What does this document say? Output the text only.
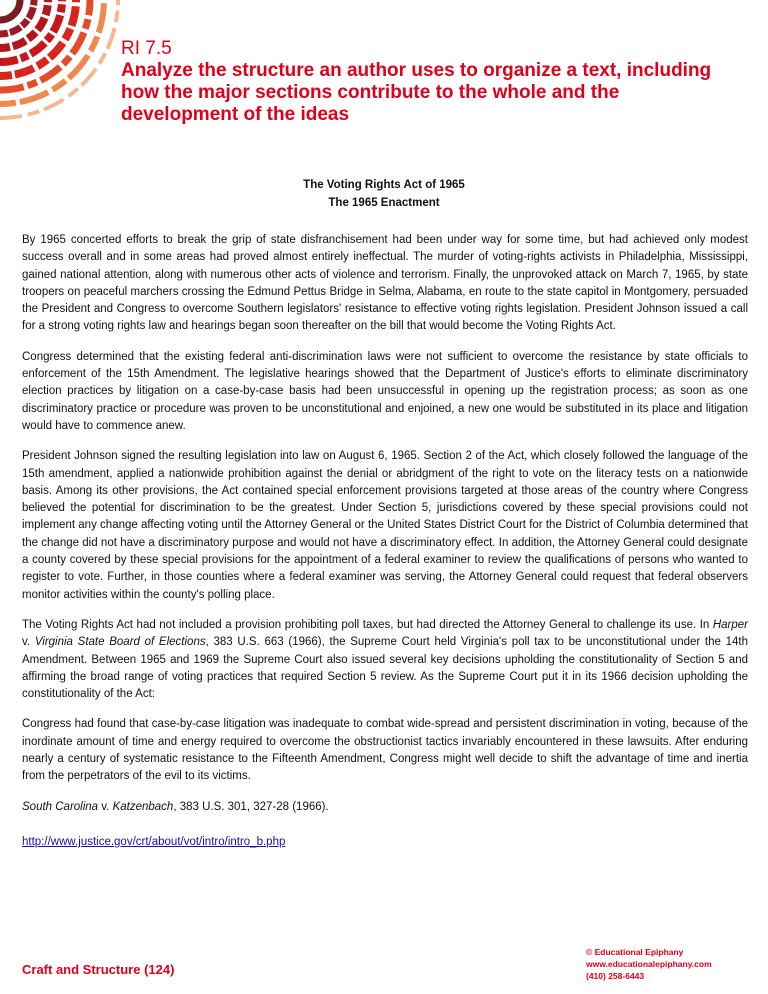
RI 7.5
Analyze the structure an author uses to organize a text, including how the major sections contribute to the whole and the development of the ideas
The Voting Rights Act of 1965
The 1965 Enactment

By 1965 concerted efforts to break the grip of state disfranchisement had been under way for some time, but had achieved only modest success overall and in some areas had proved almost entirely ineffectual. The murder of voting-rights activists in Philadelphia, Mississippi, gained national attention, along with numerous other acts of violence and terrorism. Finally, the unprovoked attack on March 7, 1965, by state troopers on peaceful marchers crossing the Edmund Pettus Bridge in Selma, Alabama, en route to the state capitol in Montgomery, persuaded the President and Congress to overcome Southern legislators' resistance to effective voting rights legislation. President Johnson issued a call for a strong voting rights law and hearings began soon thereafter on the bill that would become the Voting Rights Act.

Congress determined that the existing federal anti-discrimination laws were not sufficient to overcome the resistance by state officials to enforcement of the 15th Amendment. The legislative hearings showed that the Department of Justice's efforts to eliminate discriminatory election practices by litigation on a case-by-case basis had been unsuccessful in opening up the registration process; as soon as one discriminatory practice or procedure was proven to be unconstitutional and enjoined, a new one would be substituted in its place and litigation would have to commence anew.

President Johnson signed the resulting legislation into law on August 6, 1965. Section 2 of the Act, which closely followed the language of the 15th amendment, applied a nationwide prohibition against the denial or abridgment of the right to vote on the literacy tests on a nationwide basis. Among its other provisions, the Act contained special enforcement provisions targeted at those areas of the country where Congress believed the potential for discrimination to be the greatest. Under Section 5, jurisdictions covered by these special provisions could not implement any change affecting voting until the Attorney General or the United States District Court for the District of Columbia determined that the change did not have a discriminatory purpose and would not have a discriminatory effect. In addition, the Attorney General could designate a county covered by these special provisions for the appointment of a federal examiner to review the qualifications of persons who wanted to register to vote. Further, in those counties where a federal examiner was serving, the Attorney General could request that federal observers monitor activities within the county's polling place.

The Voting Rights Act had not included a provision prohibiting poll taxes, but had directed the Attorney General to challenge its use. In Harper v. Virginia State Board of Elections, 383 U.S. 663 (1966), the Supreme Court held Virginia's poll tax to be unconstitutional under the 14th Amendment. Between 1965 and 1969 the Supreme Court also issued several key decisions upholding the constitutionality of Section 5 and affirming the broad range of voting practices that required Section 5 review. As the Supreme Court put it in its 1966 decision upholding the constitutionality of the Act:

Congress had found that case-by-case litigation was inadequate to combat wide-spread and persistent discrimination in voting, because of the inordinate amount of time and energy required to overcome the obstructionist tactics invariably encountered in these lawsuits. After enduring nearly a century of systematic resistance to the Fifteenth Amendment, Congress might well decide to shift the advantage of time and inertia from the perpetrators of the evil to its victims.

South Carolina v. Katzenbach, 383 U.S. 301, 327-28 (1966).

http://www.justice.gov/crt/about/vot/intro/intro_b.php

Craft and Structure (124)
© Educational Epiphany
www.educationalepiphany.com
(410) 258-6443
